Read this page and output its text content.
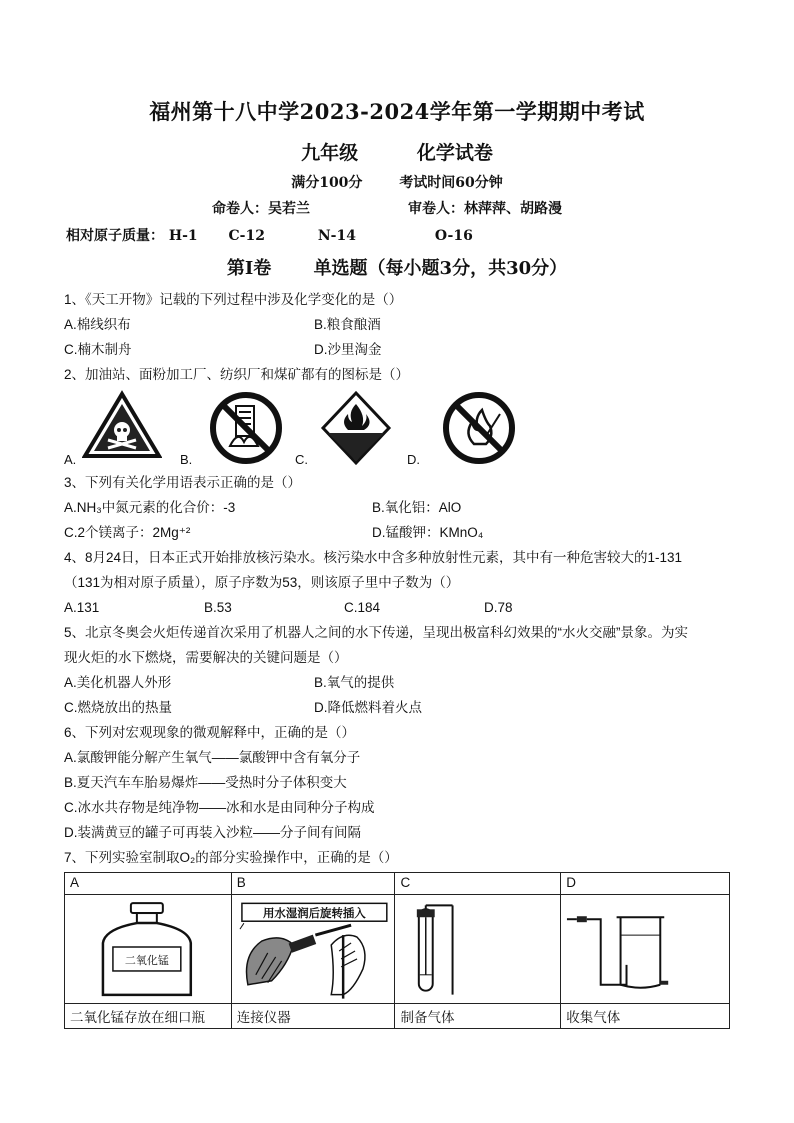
福州第十八中学2023-2024学年第一学期期中考试
九年级	化学试卷
满分100分	考试时间60分钟
命卷人：吴若兰	审卷人：林萍萍、胡路漫
相对原子质量： H-1 C-12	N-14	O-16
第I卷 单选题（每小题3分，共30分）
1、《天工开物》记载的下列过程中涉及化学变化的是（）
A.棉线织布	B.粮食酿酒
C.楠木制舟	D.沙里淘金
2、加油站、面粉加工厂、纺织厂和煤矿都有的图标是（）
A.	B.	C.	D.
3、下列有关化学用语表示正确的是（）
A.NH₃中氮元素的化合价：-3	B.氧化铝：AlO
C.2个镁离子：2Mg⁺²	D.锰酸钾：KMnO₄
4、8月24日，日本正式开始排放核污染水。核污染水中含多种放射性元素，其中有一种危害较大的1-131
（131为相对原子质量），原子序数为53，则该原子里中子数为（）
A.131	B.53	C.184	D.78
5、北京冬奥会火炬传递首次采用了机器人之间的水下传递，呈现出极富科幻效果的“水火交融”景象。为实
现火炬的水下燃烧，需要解决的关键问题是（）
A.美化机器人外形	B.氧气的提供
C.燃烧放出的热量	D.降低燃料着火点
6、下列对宏观现象的微观解释中，正确的是（）
A.氯酸钾能分解产生氧气——氯酸钾中含有氧分子
B.夏天汽车车胎易爆炸——受热时分子体积变大
C.冰水共存物是纯净物——冰和水是由同种分子构成
D.装满黄豆的罐子可再装入沙粒——分子间有间隔
7、下列实验室制取O₂的部分实验操作中，正确的是（）
A	B	C	D

二氧化锰	用水湿润后旋转插入

二氧化锰存放在细口瓶	连接仪器	制备气体	收集气体
